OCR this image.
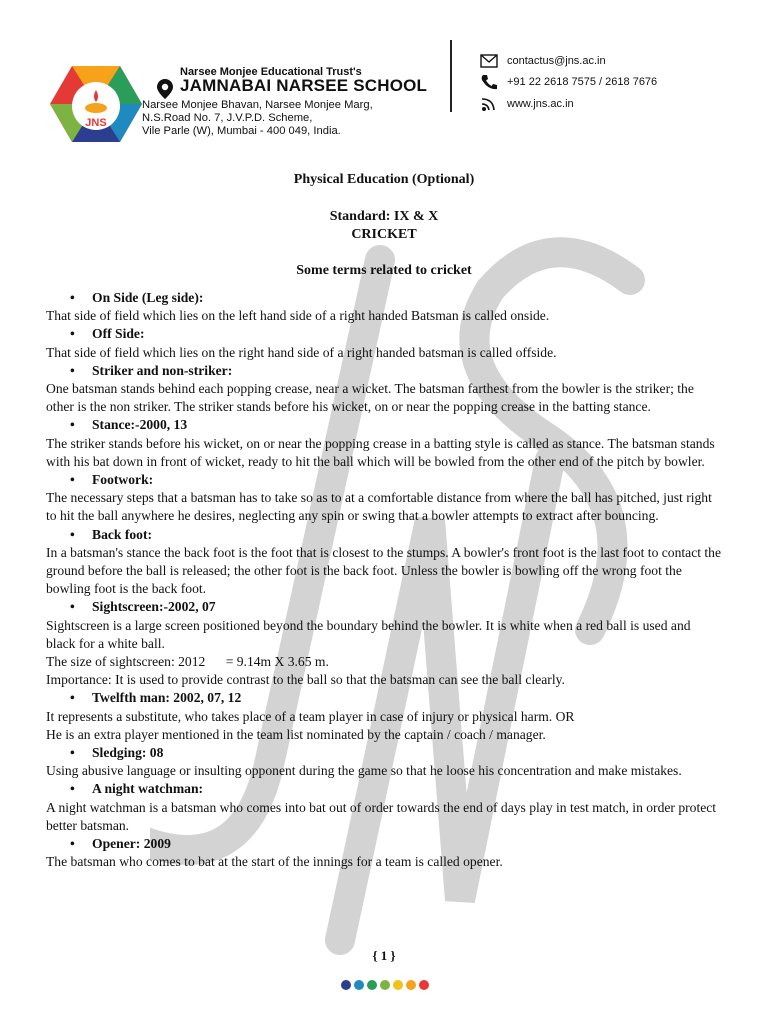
JNS
Narsee Monjee Educational Trust's
JAMNABAI NARSEE SCHOOL
Narsee Monjee Bhavan, Narsee Monjee Marg,
N.S.Road No. 7, J.V.P.D. Scheme,
Vile Parle (W), Mumbai - 400 049, India.
contactus@jns.ac.in
+91 22 2618 7575 / 2618 7676
www.jns.ac.in
Physical Education (Optional)
Standard: IX & X
CRICKET
Some terms related to cricket
•	On Side (Leg side):

That side of field which lies on the left hand side of a right handed Batsman is called onside.

•	Off Side:

That side of field which lies on the right hand side of a right handed batsman is called offside.

•	Striker and non-striker:

One batsman stands behind each popping crease, near a wicket. The batsman farthest from the bowler is the striker; the other is the non striker. The striker stands before his wicket, on or near the popping crease in the batting stance.

•	Stance:-2000, 13

The striker stands before his wicket, on or near the popping crease in a batting style is called as stance. The batsman stands with his bat down in front of wicket, ready to hit the ball which will be bowled from the other end of the pitch by bowler.

•	Footwork:

The necessary steps that a batsman has to take so as to at a comfortable distance from where the ball has pitched, just right to hit the ball anywhere he desires, neglecting any spin or swing that a bowler attempts to extract after bouncing.

•	Back foot:

In a batsman's stance the back foot is the foot that is closest to the stumps. A bowler's front foot is the last foot to contact the ground before the ball is released; the other foot is the back foot. Unless the bowler is bowling off the wrong foot the bowling foot is the back foot.

•	Sightscreen:-2002, 07

Sightscreen is a large screen positioned beyond the boundary behind the bowler. It is white when a red ball is used and black for a white ball.

The size of sightscreen: 2012      = 9.14m X 3.65 m.

Importance: It is used to provide contrast to the ball so that the batsman can see the ball clearly.

•	Twelfth man: 2002, 07, 12

It represents a substitute, who takes place of a team player in case of injury or physical harm. OR

He is an extra player mentioned in the team list nominated by the captain / coach / manager.

•	Sledging: 08

Using abusive language or insulting opponent during the game so that he loose his concentration and make mistakes.

•	A night watchman:

A night watchman is a batsman who comes into bat out of order towards the end of days play in test match, in order protect better batsman.

•	Opener: 2009

The batsman who comes to bat at the start of the innings for a team is called opener.

{ 1 }
